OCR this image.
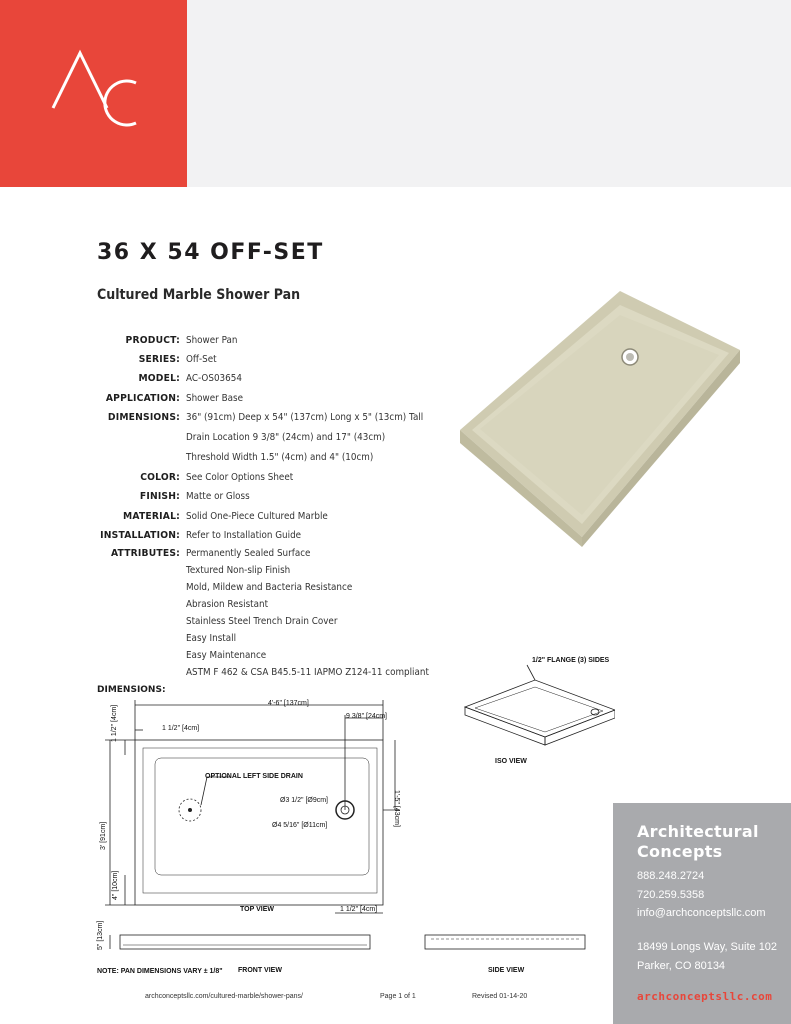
36 X 54 OFF-SET
Cultured Marble Shower Pan
PRODUCT: Shower Pan
SERIES: Off-Set
MODEL: AC-OS03654
APPLICATION: Shower Base
DIMENSIONS: 36" (91cm) Deep x 54" (137cm) Long x 5" (13cm) Tall
Drain Location 9 3/8" (24cm) and 17" (43cm)
Threshold Width 1.5" (4cm) and 4" (10cm)
COLOR: See Color Options Sheet
FINISH: Matte or Gloss
MATERIAL: Solid One-Piece Cultured Marble
INSTALLATION: Refer to Installation Guide
ATTRIBUTES: Permanently Sealed Surface
Textured Non-slip Finish
Mold, Mildew and Bacteria Resistance
Abrasion Resistant
Stainless Steel Trench Drain Cover
Easy Install
Easy Maintenance
ASTM F 462 & CSA B45.5-11 IAPMO Z124-11 compliant
DIMENSIONS:
4'-6" [137cm]
9 3/8" [24cm]
1 1/2" [4cm]
1 1/2" [4cm]
3' [91cm]
4" [10cm]
1'-5" [43cm]
OPTIONAL LEFT SIDE DRAIN
Ø3 1/2" [Ø9cm]
Ø4 5/16" [Ø11cm]
1 1/2" [4cm]
TOP VIEW
5" [13cm]
FRONT VIEW	SIDE VIEW
NOTE: PAN DIMENSIONS VARY ± 1/8"
1/2" FLANGE (3) SIDES
ISO VIEW
Architectural
Concepts
888.248.2724
720.259.5358
info@archconceptsllc.com
18499 Longs Way, Suite 102
Parker, CO 80134
archconceptsllc.com
archconceptsllc.com/cultured-marble/shower-pans/	Page 1 of 1	Revised 01-14-20
